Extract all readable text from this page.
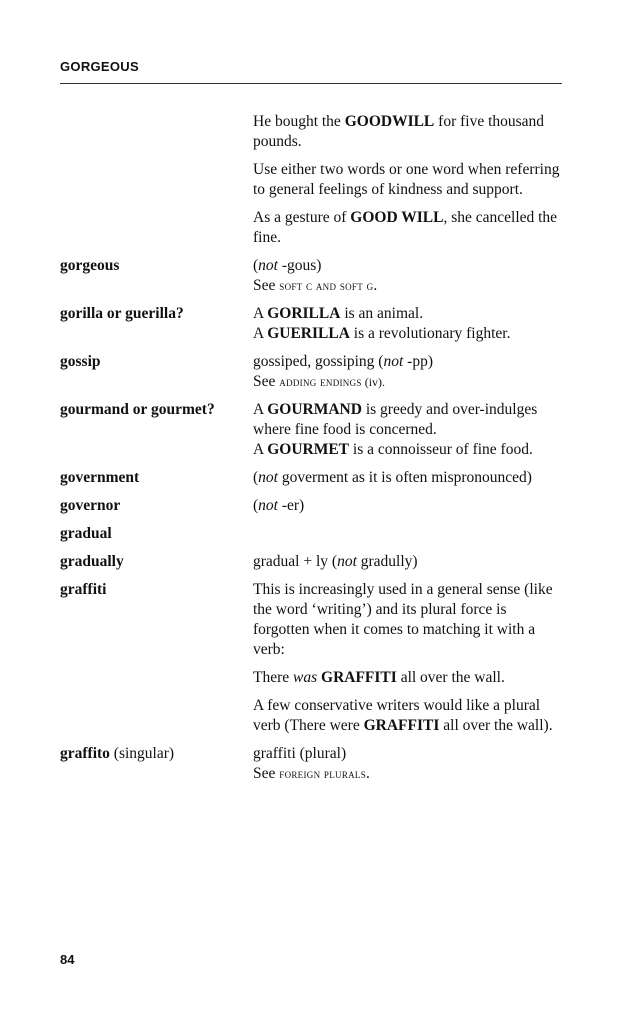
GORGEOUS

He bought the GOODWILL for five thousand pounds.

Use either two words or one word when referring to general feelings of kindness and support.

As a gesture of GOOD WILL, she cancelled the fine.

gorgeous	(not -gous)
See soft c and soft g.
gorilla or guerilla?	A GORILLA is an animal.
A GUERILLA is a revolutionary fighter.
gossip	gossiped, gossiping (not -pp)
See adding endings (iv).
gourmand or gourmet?	A GOURMAND is greedy and over-indulges where fine food is concerned.
A GOURMET is a connoisseur of fine food.
government	(not goverment as it is often mispronounced)
governor	(not -er)
gradual

gradually	gradual + ly (not gradully)
graffiti	This is increasingly used in a general sense (like the word ‘writing’) and its plural force is forgotten when it comes to matching it with a verb:

There was GRAFFITI all over the wall.

A few conservative writers would like a plural verb (There were GRAFFITI all over the wall).

graffito (singular)	graffiti (plural)
See foreign plurals.
84
